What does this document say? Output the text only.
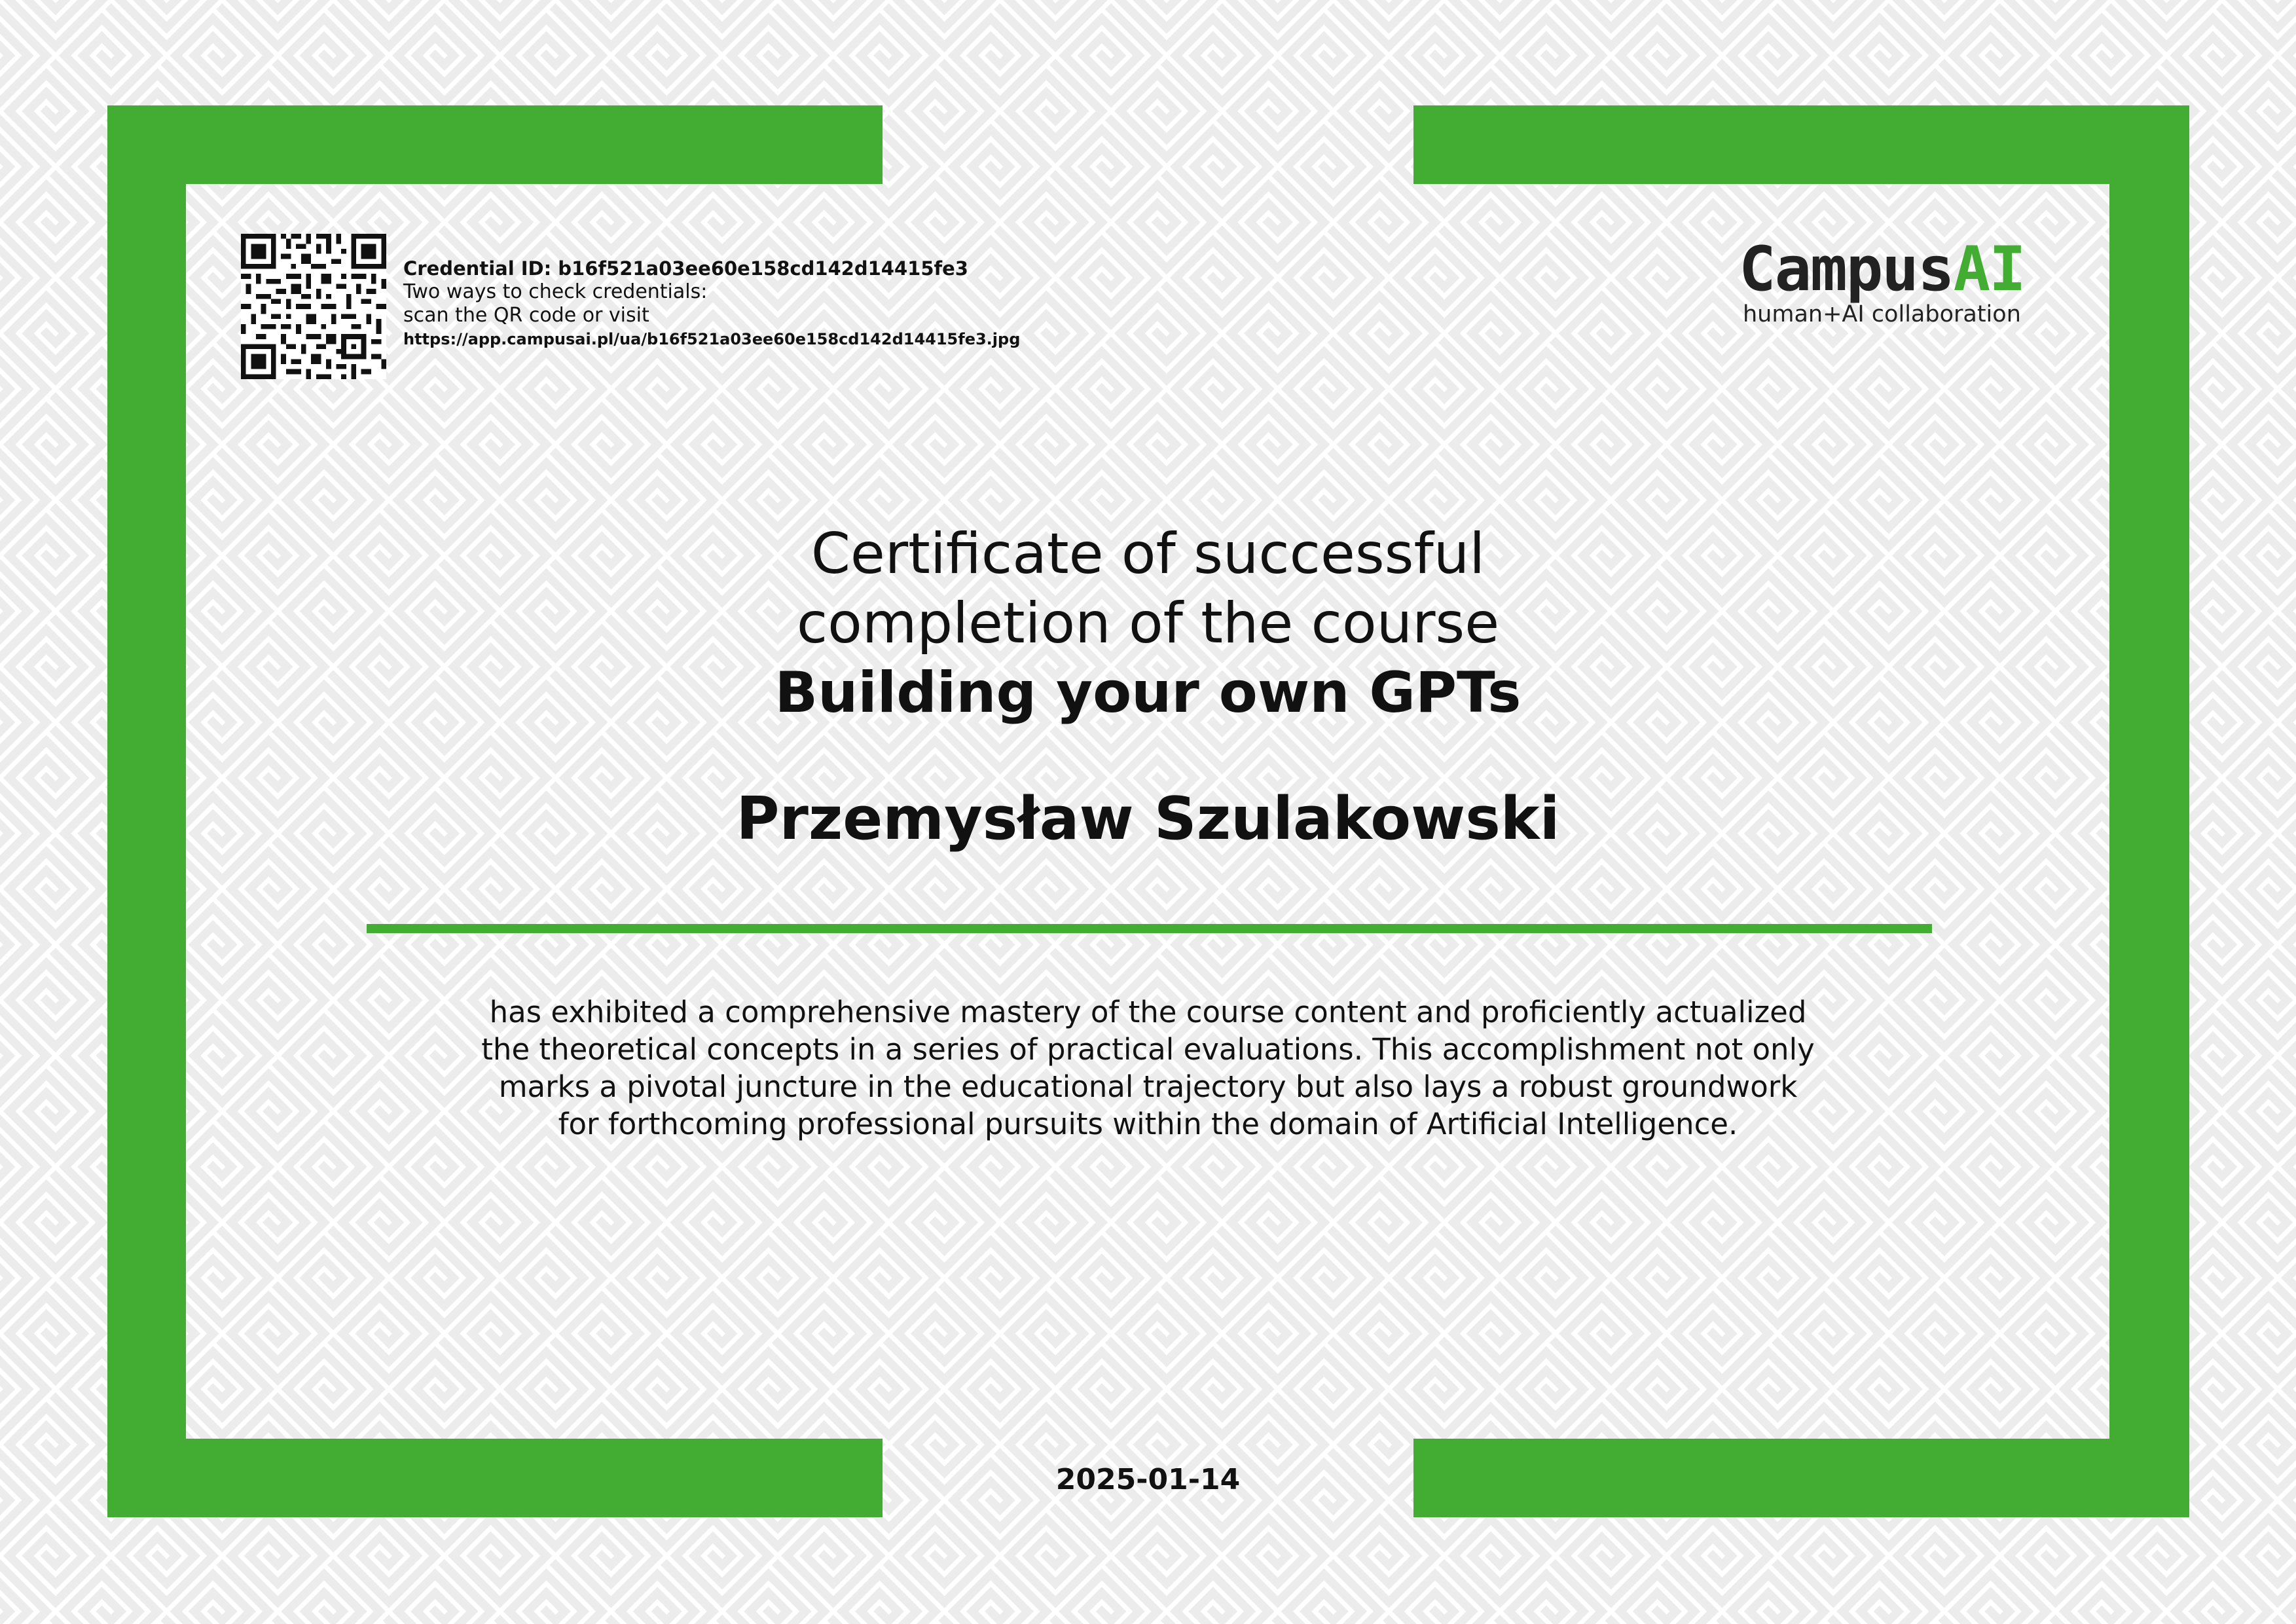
Credential ID: b16f521a03ee60e158cd142d14415fe3
Two ways to check credentials:
scan the QR code or visit
https://app.campusai.pl/ua/b16f521a03ee60e158cd142d14415fe3.jpg
CampusAI
human+AI collaboration
Certificate of successful
completion of the course
Building your own GPTs
Przemysław Szulakowski
has exhibited a comprehensive mastery of the course content and proficiently actualized
the theoretical concepts in a series of practical evaluations. This accomplishment not only
marks a pivotal juncture in the educational trajectory but also lays a robust groundwork
for forthcoming professional pursuits within the domain of Artificial Intelligence.
2025-01-14
